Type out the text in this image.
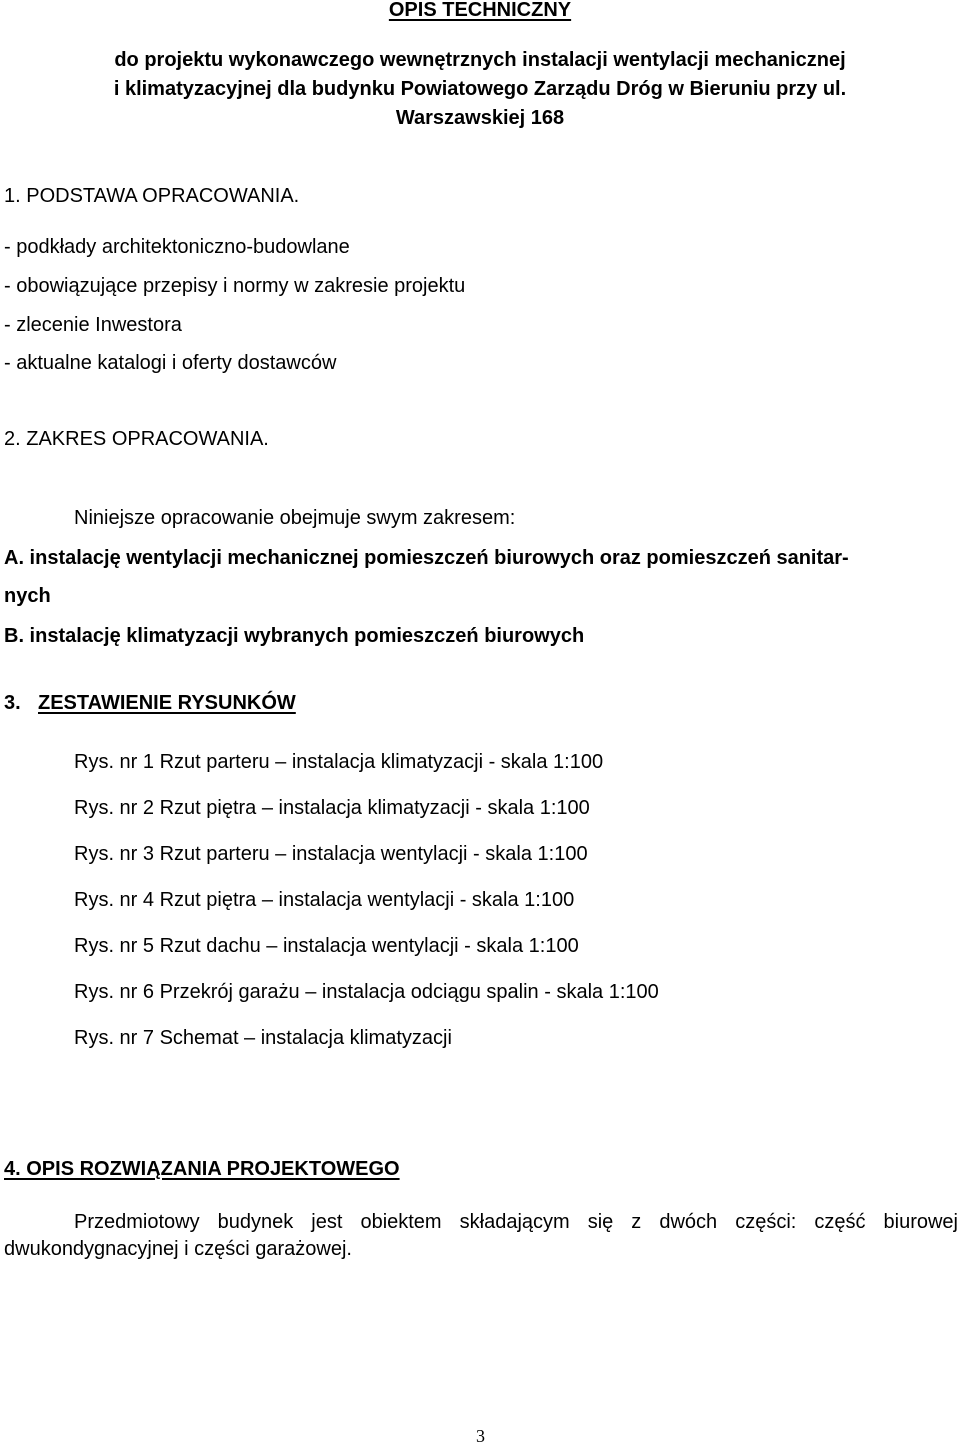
OPIS TECHNICZNY
do projektu wykonawczego wewnętrznych instalacji wentylacji mechanicznej
i klimatyzacyjnej dla budynku Powiatowego Zarządu Dróg w Bieruniu przy ul.
Warszawskiej 168
1. PODSTAWA OPRACOWANIA.
- podkłady architektoniczno-budowlane
- obowiązujące przepisy i normy w zakresie projektu
- zlecenie Inwestora
- aktualne katalogi i oferty dostawców
2. ZAKRES OPRACOWANIA.
Niniejsze opracowanie obejmuje swym zakresem:
A. instalację wentylacji mechanicznej pomieszczeń biurowych oraz pomieszczeń sanitar-
nych
B. instalację klimatyzacji wybranych pomieszczeń biurowych
3. ZESTAWIENIE RYSUNKÓW
Rys. nr 1 Rzut parteru – instalacja klimatyzacji - skala 1:100
Rys. nr 2 Rzut piętra – instalacja klimatyzacji - skala 1:100
Rys. nr 3 Rzut parteru – instalacja wentylacji - skala 1:100
Rys. nr 4 Rzut piętra – instalacja wentylacji - skala 1:100
Rys. nr 5 Rzut dachu – instalacja wentylacji - skala 1:100
Rys. nr 6 Przekrój garażu – instalacja odciągu spalin - skala 1:100
Rys. nr 7 Schemat – instalacja klimatyzacji
4. OPIS ROZWIĄZANIA PROJEKTOWEGO
Przedmiotowy budynek jest obiektem składającym się z dwóch części: część biurowej
dwukondygnacyjnej i części garażowej.
3
